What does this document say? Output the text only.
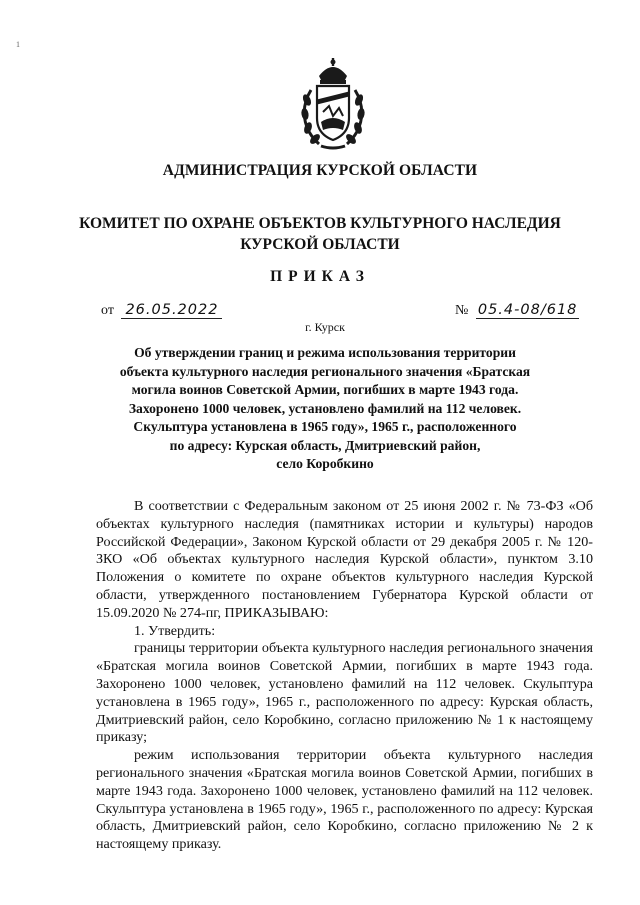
1
АДМИНИСТРАЦИЯ КУРСКОЙ ОБЛАСТИ
КОМИТЕТ ПО ОХРАНЕ ОБЪЕКТОВ КУЛЬТУРНОГО НАСЛЕДИЯ
КУРСКОЙ ОБЛАСТИ
ПРИКАЗ
от 26.05.2022	№ 05.4-08/618
г. Курск
Об утверждении границ и режима использования территории
объекта культурного наследия регионального значения «Братская
могила воинов Советской Армии, погибших в марте 1943 года.
Захоронено 1000 человек, установлено фамилий на 112 человек.
Скульптура установлена в 1965 году», 1965 г., расположенного
по адресу: Курская область, Дмитриевский район,
село Коробкино

В соответствии с Федеральным законом от 25 июня 2002 г. № 73-ФЗ «Об объектах культурного наследия (памятниках истории и культуры) народов Российской Федерации», Законом Курской области от 29 декабря 2005 г. № 120-ЗКО «Об объектах культурного наследия Курской области», пунктом 3.10 Положения о комитете по охране объектов культурного наследия Курской области, утвержденного постановлением Губернатора Курской области от 15.09.2020 № 274-пг, ПРИКАЗЫВАЮ:

1. Утвердить:

границы территории объекта культурного наследия регионального значения «Братская могила воинов Советской Армии, погибших в марте 1943 года. Захоронено 1000 человек, установлено фамилий на 112 человек. Скульптура установлена в 1965 году», 1965 г., расположенного по адресу: Курская область, Дмитриевский район, село Коробкино, согласно приложению № 1 к настоящему приказу;

режим использования территории объекта культурного наследия регионального значения «Братская могила воинов Советской Армии, погибших в марте 1943 года. Захоронено 1000 человек, установлено фамилий на 112 человек. Скульптура установлена в 1965 году», 1965 г., расположенного по адресу: Курская область, Дмитриевский район, село Коробкино, согласно приложению № 2 к настоящему приказу.
